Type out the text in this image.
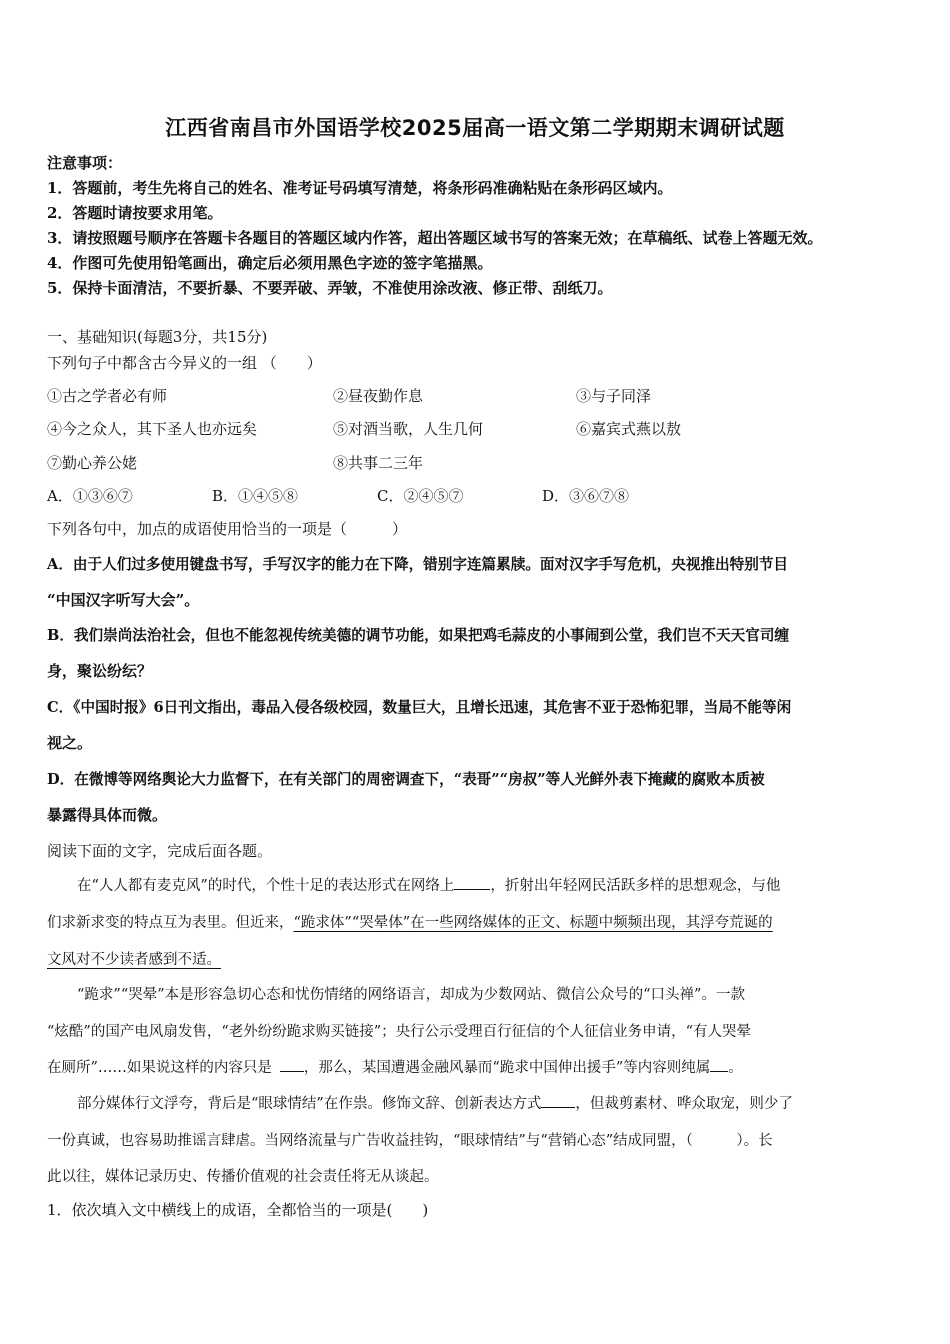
江西省南昌市外国语学校2025届高一语文第二学期期末调研试题
注意事项：
1．答题前，考生先将自己的姓名、准考证号码填写清楚，将条形码准确粘贴在条形码区域内。
2．答题时请按要求用笔。
3．请按照题号顺序在答题卡各题目的答题区域内作答，超出答题区域书写的答案无效；在草稿纸、试卷上答题无效。
4．作图可先使用铅笔画出，确定后必须用黑色字迹的签字笔描黑。
5．保持卡面清洁，不要折暴、不要弄破、弄皱，不准使用涂改液、修正带、刮纸刀。
一、基础知识(每题3分，共15分)
下列句子中都含古今异义的一组 （　　）
①古之学者必有师	②昼夜勤作息	③与子同泽
④今之众人，其下圣人也亦远矣	⑤对酒当歌，人生几何	⑥嘉宾式燕以敖
⑦勤心养公姥	⑧共事二三年
A．①③⑥⑦	B．①④⑤⑧	C．②④⑤⑦	D．③⑥⑦⑧
下列各句中，加点的成语使用恰当的一项是（　　　）
A．由于人们过多使用键盘书写，手写汉字的能力在下降，错别字连篇累牍。面对汉字手写危机，央视推出特别节目
“中国汉字听写大会”。
B．我们崇尚法治社会，但也不能忽视传统美德的调节功能，如果把鸡毛蒜皮的小事闹到公堂，我们岂不天天官司缠
身，聚讼纷纭？
C．《中国时报》6日刊文指出，毒品入侵各级校园，数量巨大，且增长迅速，其危害不亚于恐怖犯罪，当局不能等闲
视之。
D．在微博等网络舆论大力监督下，在有关部门的周密调查下，“表哥”“房叔”等人光鲜外表下掩藏的腐败本质被
暴露得具体而微。
阅读下面的文字，完成后面各题。
在“人人都有麦克风”的时代，个性十足的表达形式在网络上 ，折射出年轻网民活跃多样的思想观念，与他
们求新求变的特点互为表里。但近来，“跪求体”“哭晕体”在一些网络媒体的正文、标题中频频出现，其浮夸荒诞的
文风对不少读者感到不适。
“跪求”“哭晕”本是形容急切心态和忧伤情绪的网络语言，却成为少数网站、微信公众号的“口头禅”。一款
“炫酷”的国产电风扇发售，“老外纷纷跪求购买链接”；央行公示受理百行征信的个人征信业务申请，“有人哭晕
在厕所”……如果说这样的内容只是 ，那么，某国遭遇金融风暴而“跪求中国伸出援手”等内容则纯属 。
部分媒体行文浮夸，背后是“眼球情结”在作祟。修饰文辞、创新表达方式 ，但裁剪素材、哗众取宠，则少了
一份真诚，也容易助推谣言肆虐。当网络流量与广告收益挂钩，“眼球情结”与“营销心态”结成同盟，（　　　）。长
此以往，媒体记录历史、传播价值观的社会责任将无从谈起。
1．依次填入文中横线上的成语，全都恰当的一项是(　　)
